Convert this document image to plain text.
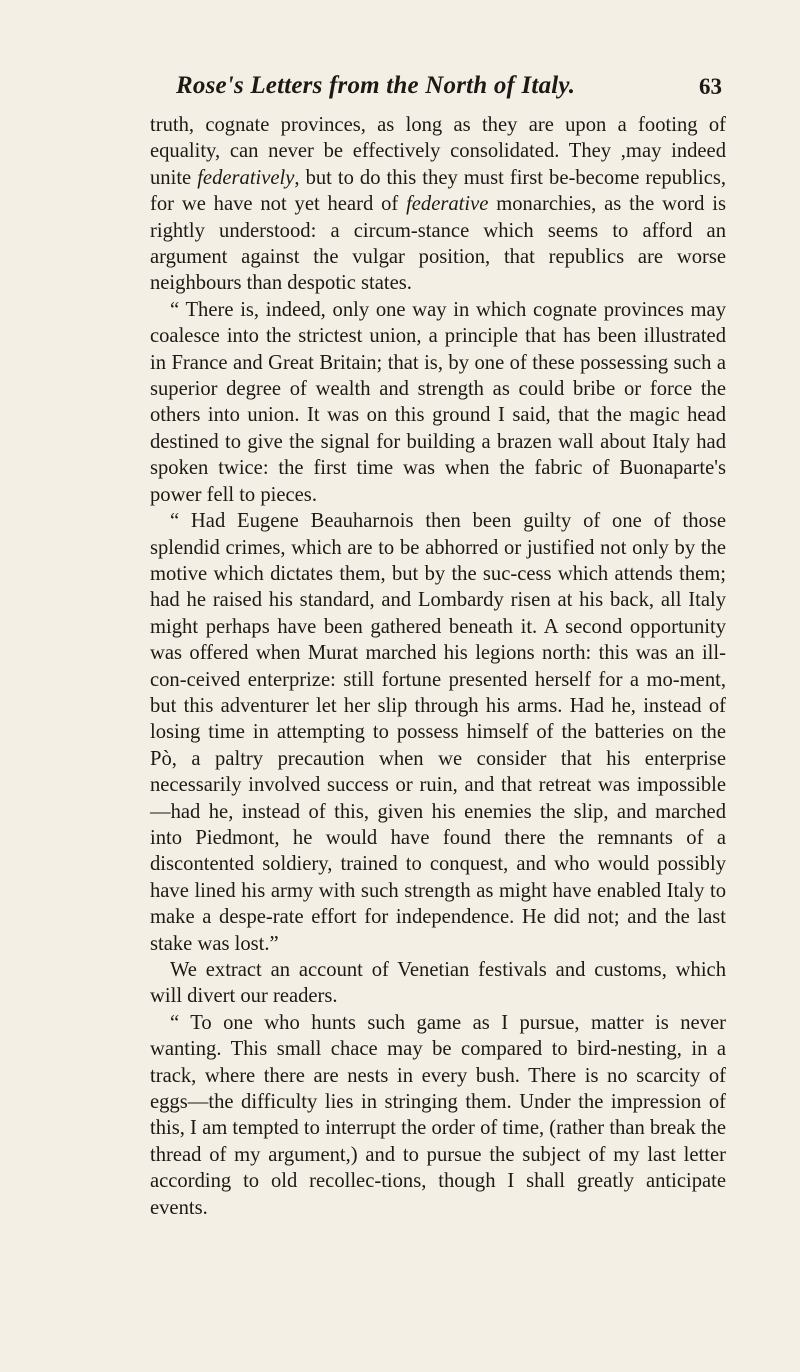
Rose's Letters from the North of Italy.	63

truth, cognate provinces, as long as they are upon a footing of equality, can never be effectively consolidated. They ,may indeed unite federatively, but to do this they must first be-become republics, for we have not yet heard of federative monarchies, as the word is rightly understood: a circum-stance which seems to afford an argument against the vulgar position, that republics are worse neighbours than despotic states.

“ There is, indeed, only one way in which cognate provinces may coalesce into the strictest union, a principle that has been illustrated in France and Great Britain; that is, by one of these possessing such a superior degree of wealth and strength as could bribe or force the others into union. It was on this ground I said, that the magic head destined to give the signal for building a brazen wall about Italy had spoken twice: the first time was when the fabric of Buonaparte's power fell to pieces.

“ Had Eugene Beauharnois then been guilty of one of those splendid crimes, which are to be abhorred or justified not only by the motive which dictates them, but by the suc-cess which attends them; had he raised his standard, and Lombardy risen at his back, all Italy might perhaps have been gathered beneath it. A second opportunity was offered when Murat marched his legions north: this was an ill-con-ceived enterprize: still fortune presented herself for a mo-ment, but this adventurer let her slip through his arms. Had he, instead of losing time in attempting to possess himself of the batteries on the Pò, a paltry precaution when we consider that his enterprise necessarily involved success or ruin, and that retreat was impossible—had he, instead of this, given his enemies the slip, and marched into Piedmont, he would have found there the remnants of a discontented soldiery, trained to conquest, and who would possibly have lined his army with such strength as might have enabled Italy to make a despe-rate effort for independence. He did not; and the last stake was lost.”

We extract an account of Venetian festivals and customs, which will divert our readers.

“ To one who hunts such game as I pursue, matter is never wanting. This small chace may be compared to bird-nesting, in a track, where there are nests in every bush. There is no scarcity of eggs—the difficulty lies in stringing them. Under the impression of this, I am tempted to interrupt the order of time, (rather than break the thread of my argument,) and to pursue the subject of my last letter according to old recollec-tions, though I shall greatly anticipate events.
